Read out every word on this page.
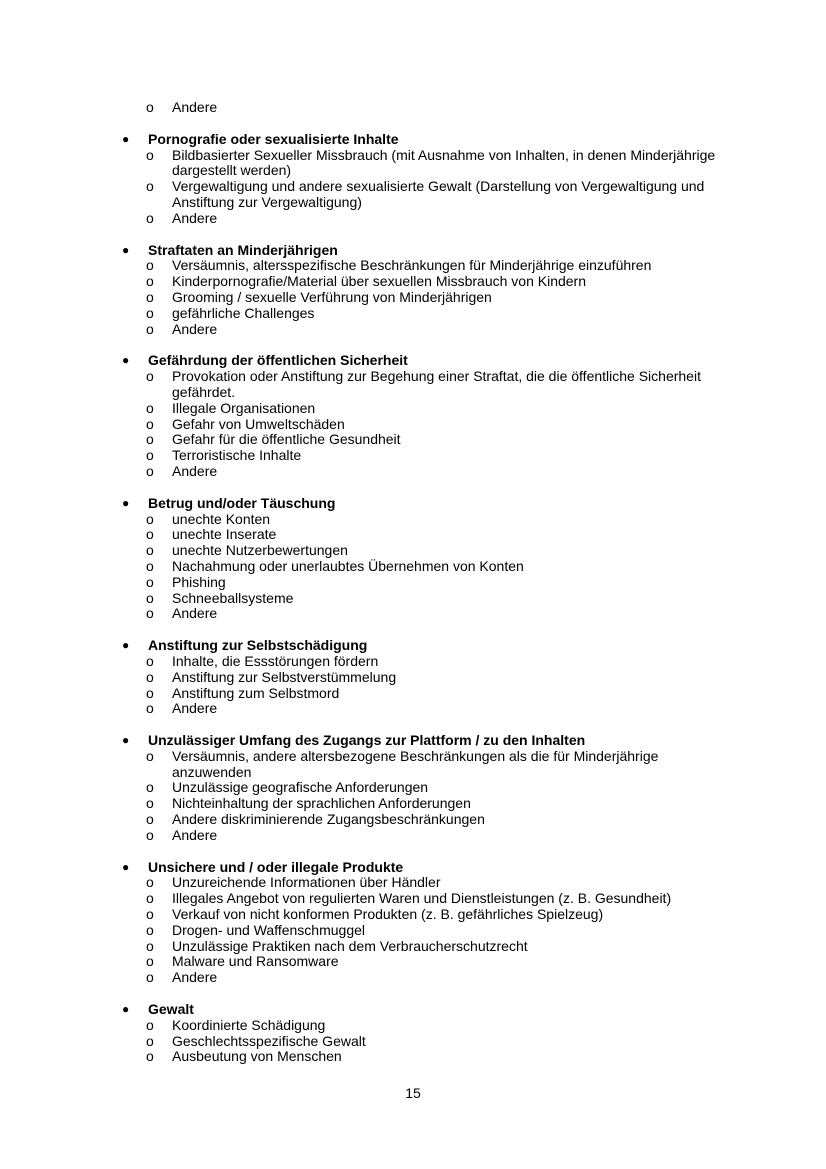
o Andere
● Pornografie oder sexualisierte Inhalte
o Bildbasierter Sexueller Missbrauch (mit Ausnahme von Inhalten, in denen Minderjährige dargestellt werden)
o Vergewaltigung und andere sexualisierte Gewalt (Darstellung von Vergewaltigung und Anstiftung zur Vergewaltigung)
o Andere
● Straftaten an Minderjährigen
o Versäumnis, altersspezifische Beschränkungen für Minderjährige einzuführen
o Kinderpornografie/Material über sexuellen Missbrauch von Kindern
o Grooming / sexuelle Verführung von Minderjährigen
o gefährliche Challenges
o Andere
● Gefährdung der öffentlichen Sicherheit
o Provokation oder Anstiftung zur Begehung einer Straftat, die die öffentliche Sicherheit gefährdet.
o Illegale Organisationen
o Gefahr von Umweltschäden
o Gefahr für die öffentliche Gesundheit
o Terroristische Inhalte
o Andere
● Betrug und/oder Täuschung
o unechte Konten
o unechte Inserate
o unechte Nutzerbewertungen
o Nachahmung oder unerlaubtes Übernehmen von Konten
o Phishing
o Schneeballsysteme
o Andere
● Anstiftung zur Selbstschädigung
o Inhalte, die Essstörungen fördern
o Anstiftung zur Selbstverstümmelung
o Anstiftung zum Selbstmord
o Andere
● Unzulässiger Umfang des Zugangs zur Plattform / zu den Inhalten
o Versäumnis, andere altersbezogene Beschränkungen als die für Minderjährige anzuwenden
o Unzulässige geografische Anforderungen
o Nichteinhaltung der sprachlichen Anforderungen
o Andere diskriminierende Zugangsbeschränkungen
o Andere
● Unsichere und / oder illegale Produkte
o Unzureichende Informationen über Händler
o Illegales Angebot von regulierten Waren und Dienstleistungen (z. B. Gesundheit)
o Verkauf von nicht konformen Produkten (z. B. gefährliches Spielzeug)
o Drogen- und Waffenschmuggel
o Unzulässige Praktiken nach dem Verbraucherschutzrecht
o Malware und Ransomware
o Andere
● Gewalt
o Koordinierte Schädigung
o Geschlechtsspezifische Gewalt
o Ausbeutung von Menschen
15
